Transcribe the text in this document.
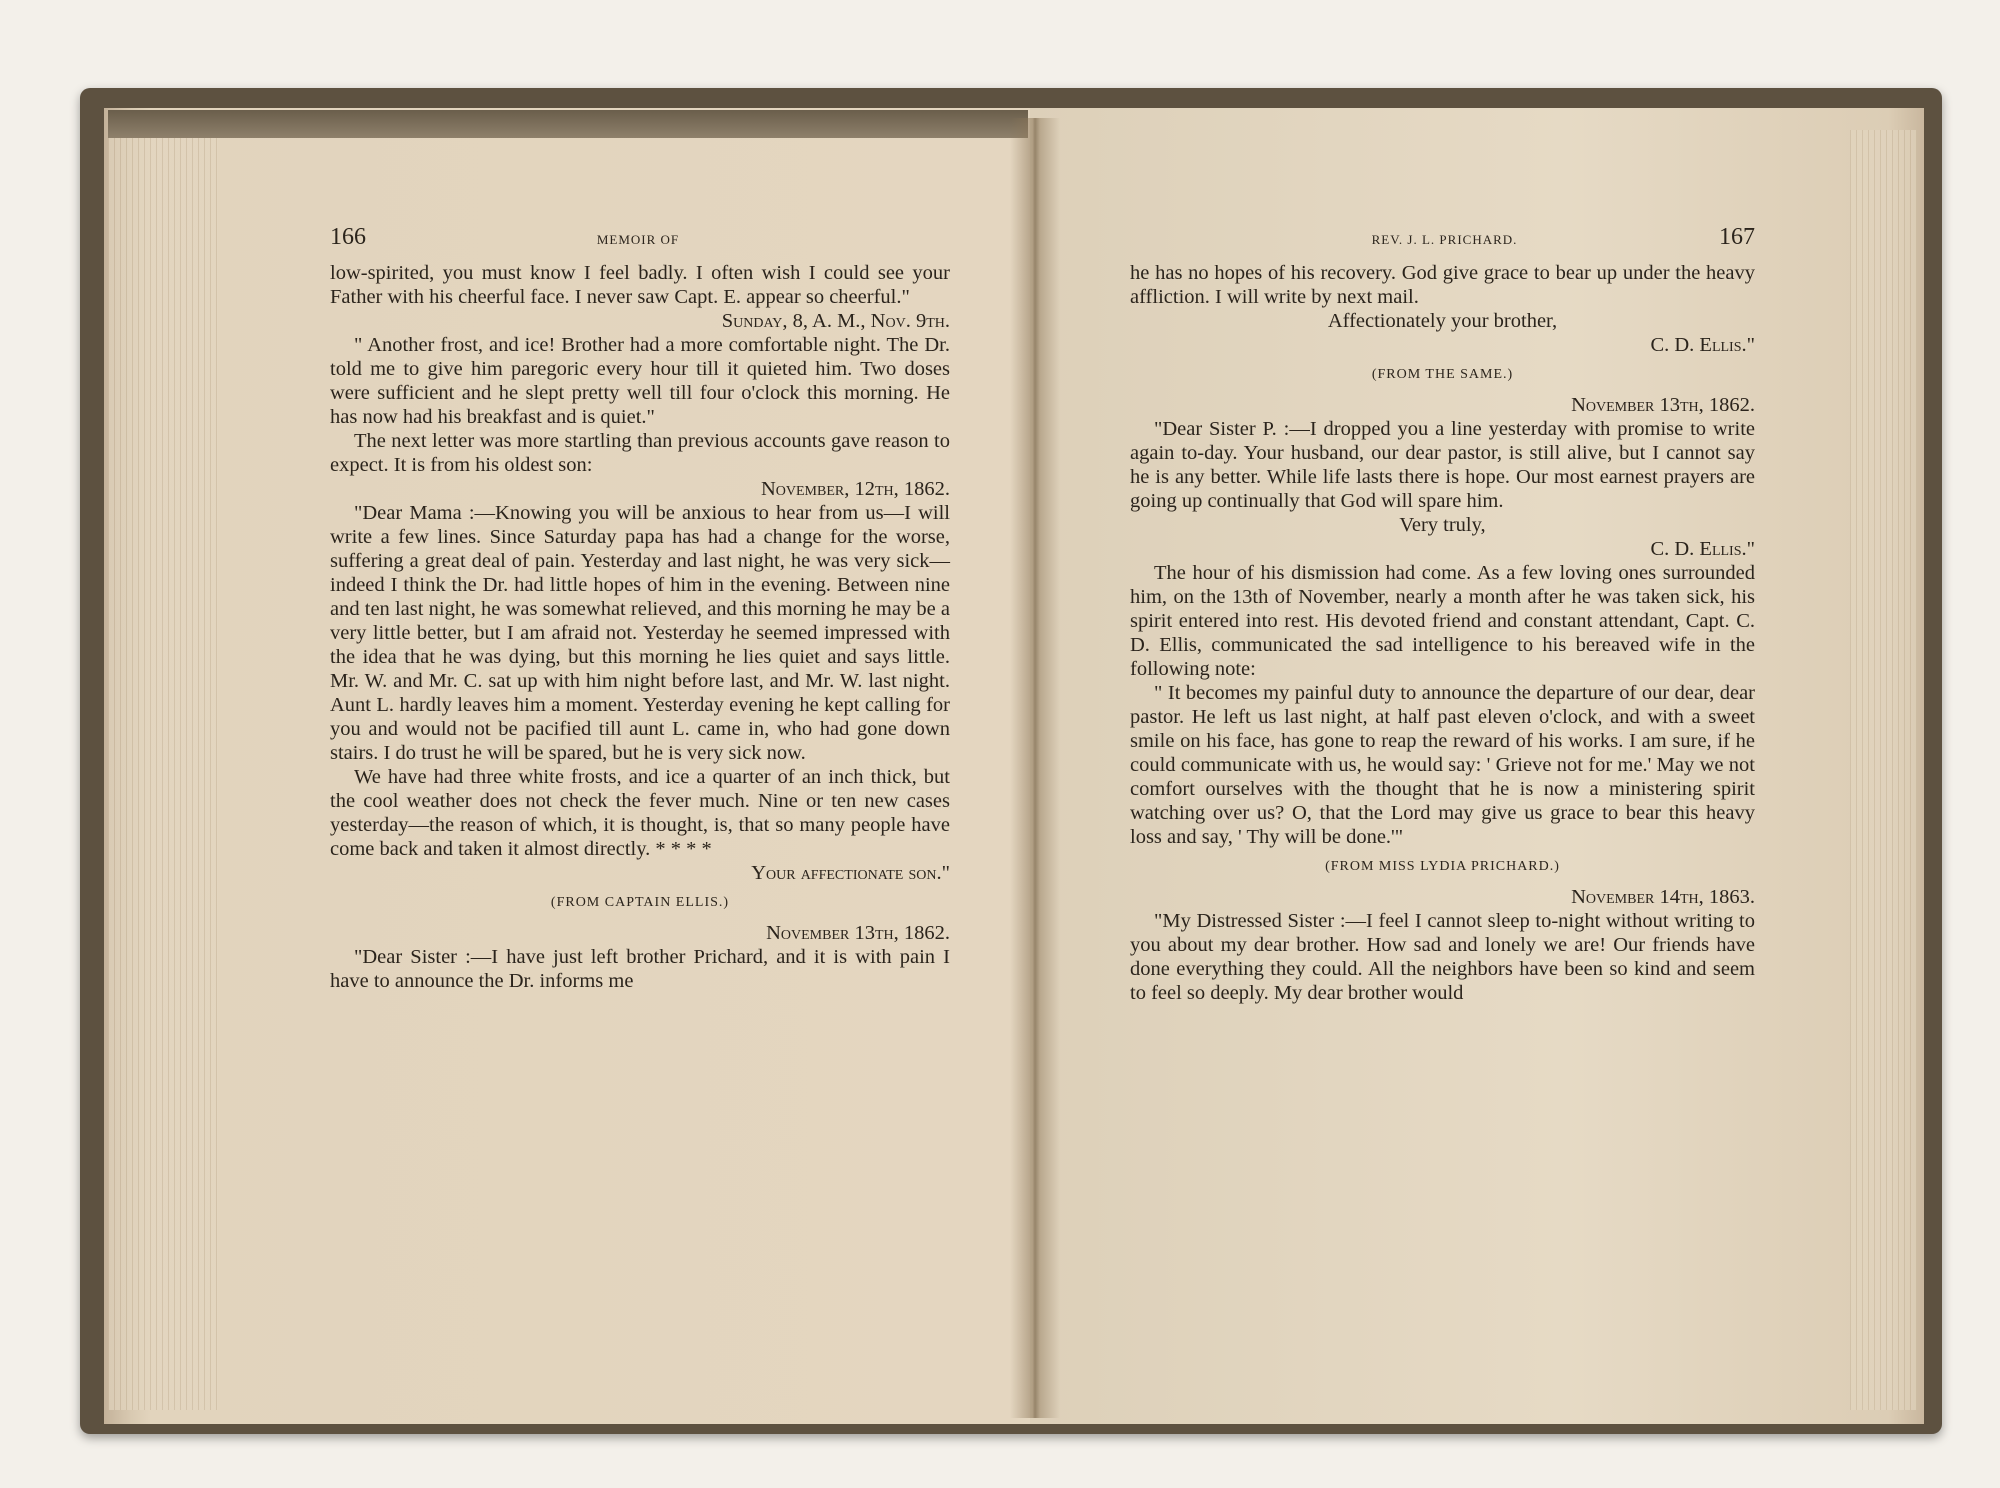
166	MEMOIR OF

low-spirited, you must know I feel badly. I often wish I could see your Father with his cheerful face. I never saw Capt. E. appear so cheerful."

Sunday, 8, A. M., Nov. 9th.

" Another frost, and ice! Brother had a more comfortable night. The Dr. told me to give him paregoric every hour till it quieted him. Two doses were sufficient and he slept pretty well till four o'clock this morning. He has now had his breakfast and is quiet."

The next letter was more startling than previous accounts gave reason to expect. It is from his oldest son:

November, 12th, 1862.

"Dear Mama :—Knowing you will be anxious to hear from us—I will write a few lines. Since Saturday papa has had a change for the worse, suffering a great deal of pain. Yesterday and last night, he was very sick—indeed I think the Dr. had little hopes of him in the evening. Between nine and ten last night, he was somewhat relieved, and this morning he may be a very little better, but I am afraid not. Yesterday he seemed impressed with the idea that he was dying, but this morning he lies quiet and says little. Mr. W. and Mr. C. sat up with him night before last, and Mr. W. last night. Aunt L. hardly leaves him a moment. Yesterday evening he kept calling for you and would not be pacified till aunt L. came in, who had gone down stairs. I do trust he will be spared, but he is very sick now.

We have had three white frosts, and ice a quarter of an inch thick, but the cool weather does not check the fever much. Nine or ten new cases yesterday—the reason of which, it is thought, is, that so many people have come back and taken it almost directly. * * * *

Your affectionate son."

(FROM CAPTAIN ELLIS.)

November 13th, 1862.

"Dear Sister :—I have just left brother Prichard, and it is with pain I have to announce the Dr. informs me

REV. J. L. PRICHARD.	167

he has no hopes of his recovery. God give grace to bear up under the heavy affliction. I will write by next mail.

Affectionately your brother,

C. D. Ellis."

(FROM THE SAME.)

November 13th, 1862.

"Dear Sister P. :—I dropped you a line yesterday with promise to write again to-day. Your husband, our dear pastor, is still alive, but I cannot say he is any better. While life lasts there is hope. Our most earnest prayers are going up continually that God will spare him.

Very truly,

C. D. Ellis."

The hour of his dismission had come. As a few loving ones surrounded him, on the 13th of November, nearly a month after he was taken sick, his spirit entered into rest. His devoted friend and constant attendant, Capt. C. D. Ellis, communicated the sad intelligence to his bereaved wife in the following note:

" It becomes my painful duty to announce the departure of our dear, dear pastor. He left us last night, at half past eleven o'clock, and with a sweet smile on his face, has gone to reap the reward of his works. I am sure, if he could communicate with us, he would say: ' Grieve not for me.' May we not comfort ourselves with the thought that he is now a ministering spirit watching over us? O, that the Lord may give us grace to bear this heavy loss and say, ' Thy will be done.'"

(FROM MISS LYDIA PRICHARD.)

November 14th, 1863.

"My Distressed Sister :—I feel I cannot sleep to-night without writing to you about my dear brother. How sad and lonely we are! Our friends have done everything they could. All the neighbors have been so kind and seem to feel so deeply. My dear brother would
